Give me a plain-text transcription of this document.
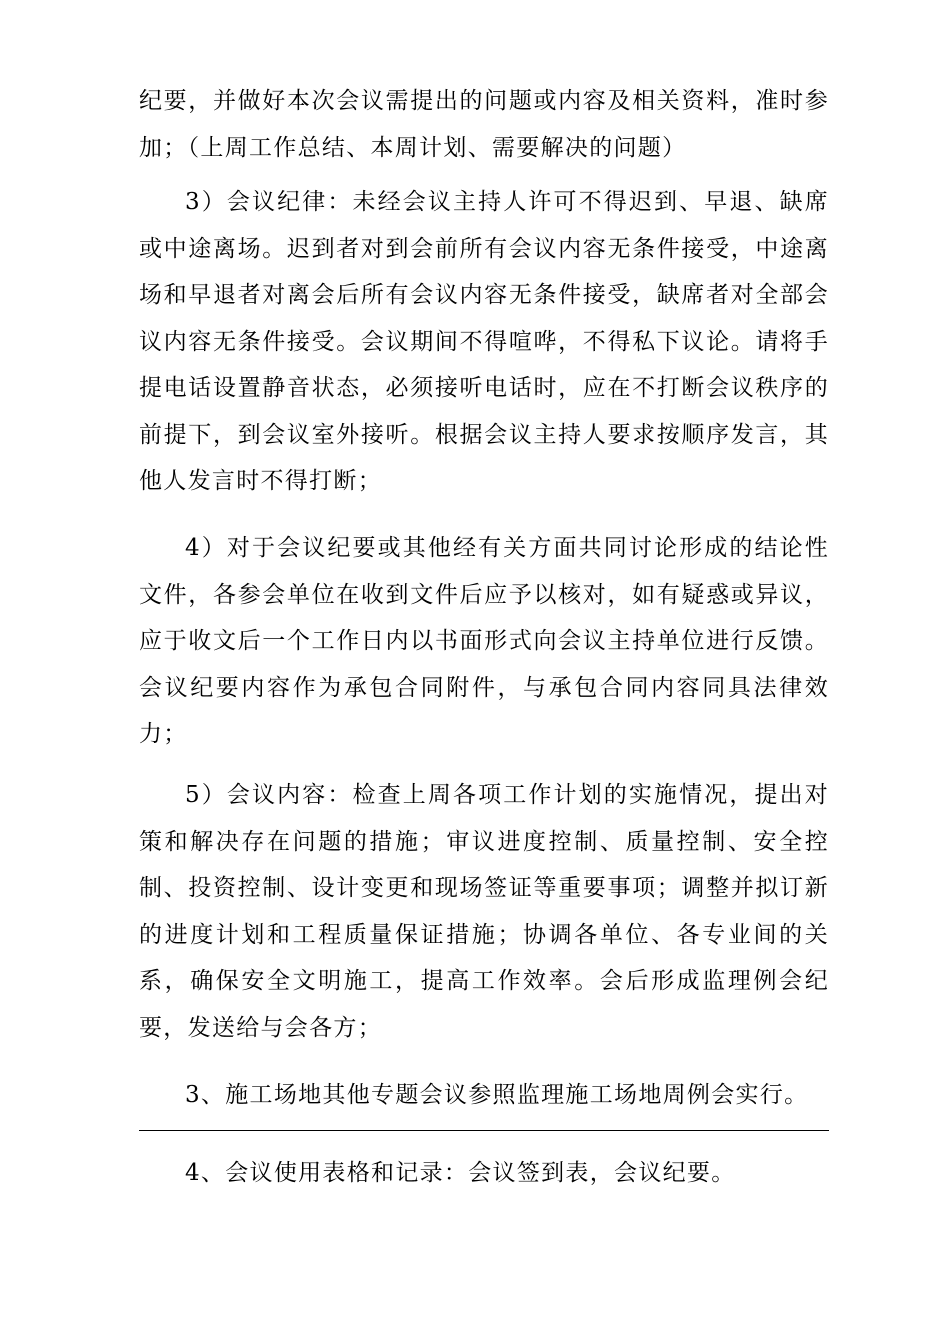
纪要，并做好本次会议需提出的问题或内容及相关资料，准时参
加；（上周工作总结、本周计划、需要解决的问题）
3）会议纪律：未经会议主持人许可不得迟到、早退、缺席
或中途离场。迟到者对到会前所有会议内容无条件接受，中途离
场和早退者对离会后所有会议内容无条件接受，缺席者对全部会
议内容无条件接受。会议期间不得喧哗，不得私下议论。请将手
提电话设置静音状态，必须接听电话时，应在不打断会议秩序的
前提下，到会议室外接听。根据会议主持人要求按顺序发言，其
他人发言时不得打断；
4）对于会议纪要或其他经有关方面共同讨论形成的结论性
文件，各参会单位在收到文件后应予以核对，如有疑惑或异议，
应于收文后一个工作日内以书面形式向会议主持单位进行反馈。
会议纪要内容作为承包合同附件，与承包合同内容同具法律效
力；
5）会议内容：检查上周各项工作计划的实施情况，提出对
策和解决存在问题的措施；审议进度控制、质量控制、安全控
制、投资控制、设计变更和现场签证等重要事项；调整并拟订新
的进度计划和工程质量保证措施；协调各单位、各专业间的关
系，确保安全文明施工，提高工作效率。会后形成监理例会纪
要，发送给与会各方；
3、施工场地其他专题会议参照监理施工场地周例会实行。
4、会议使用表格和记录：会议签到表，会议纪要。
